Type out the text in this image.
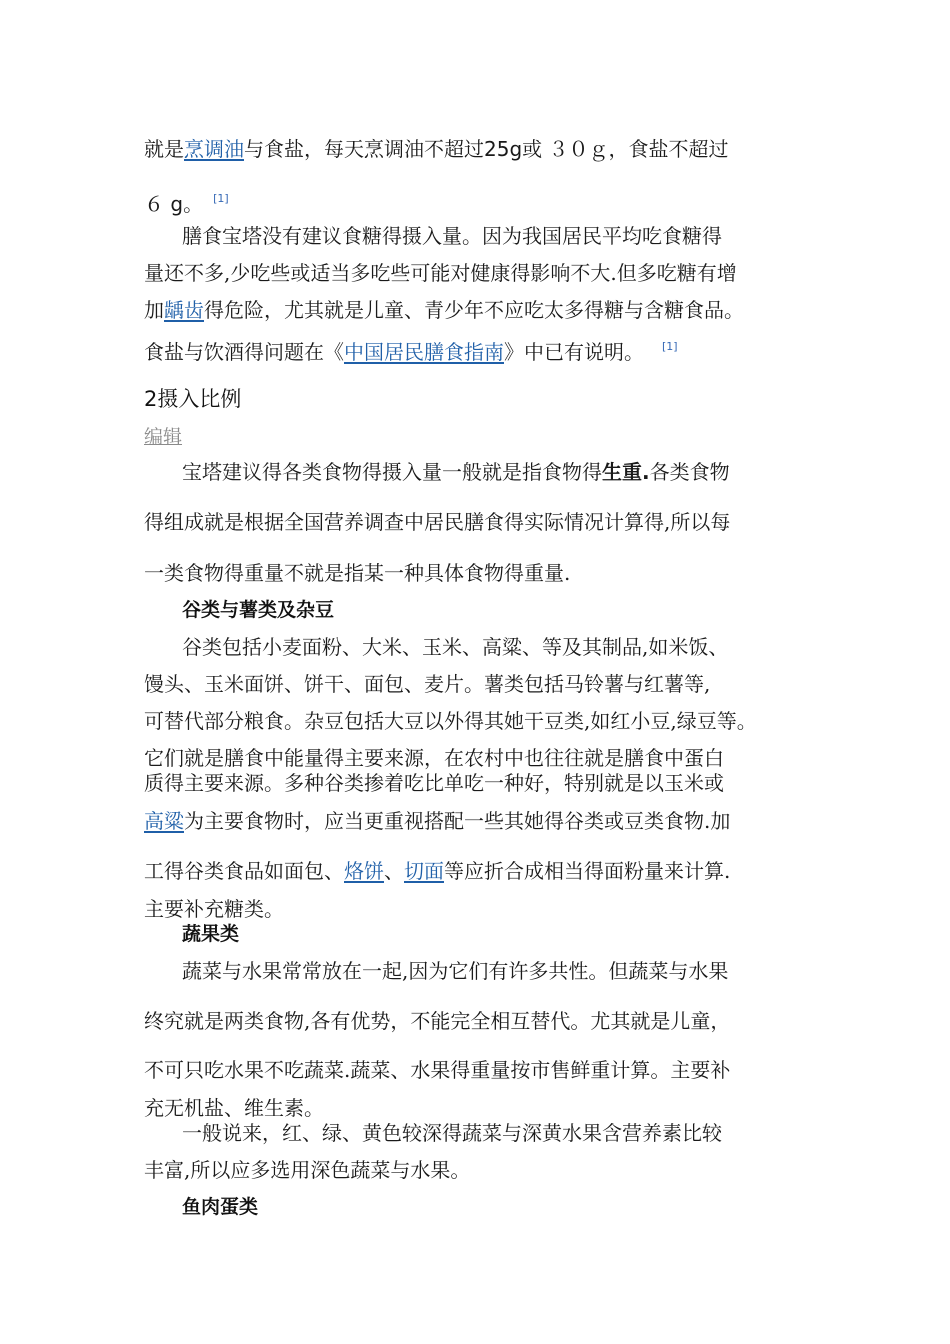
就是烹调油与食盐，每天烹调油不超过25g或 ３０ｇ，食盐不超过
６ g。 [1]
膳食宝塔没有建议食糖得摄入量。因为我国居民平均吃食糖得
量还不多,少吃些或适当多吃些可能对健康得影响不大.但多吃糖有增
加龋齿得危险，尤其就是儿童、青少年不应吃太多得糖与含糖食品。
食盐与饮酒得问题在《中国居民膳食指南》中已有说明。 [1]
2摄入比例
编辑
宝塔建议得各类食物得摄入量一般就是指食物得生重.各类食物
得组成就是根据全国营养调查中居民膳食得实际情况计算得,所以每
一类食物得重量不就是指某一种具体食物得重量.
谷类与薯类及杂豆
谷类包括小麦面粉、大米、玉米、高粱、等及其制品,如米饭、
馒头、玉米面饼、饼干、面包、麦片。薯类包括马铃薯与红薯等,
可替代部分粮食。杂豆包括大豆以外得其她干豆类,如红小豆,绿豆等。
它们就是膳食中能量得主要来源，在农村中也往往就是膳食中蛋白
质得主要来源。多种谷类掺着吃比单吃一种好，特别就是以玉米或
高粱为主要食物时，应当更重视搭配一些其她得谷类或豆类食物.加
工得谷类食品如面包、烙饼、切面等应折合成相当得面粉量来计算.
主要补充糖类。
蔬果类
蔬菜与水果常常放在一起,因为它们有许多共性。但蔬菜与水果
终究就是两类食物,各有优势，不能完全相互替代。尤其就是儿童，
不可只吃水果不吃蔬菜.蔬菜、水果得重量按市售鲜重计算。主要补
充无机盐、维生素。
一般说来，红、绿、黄色较深得蔬菜与深黄水果含营养素比较
丰富,所以应多选用深色蔬菜与水果。
鱼肉蛋类
